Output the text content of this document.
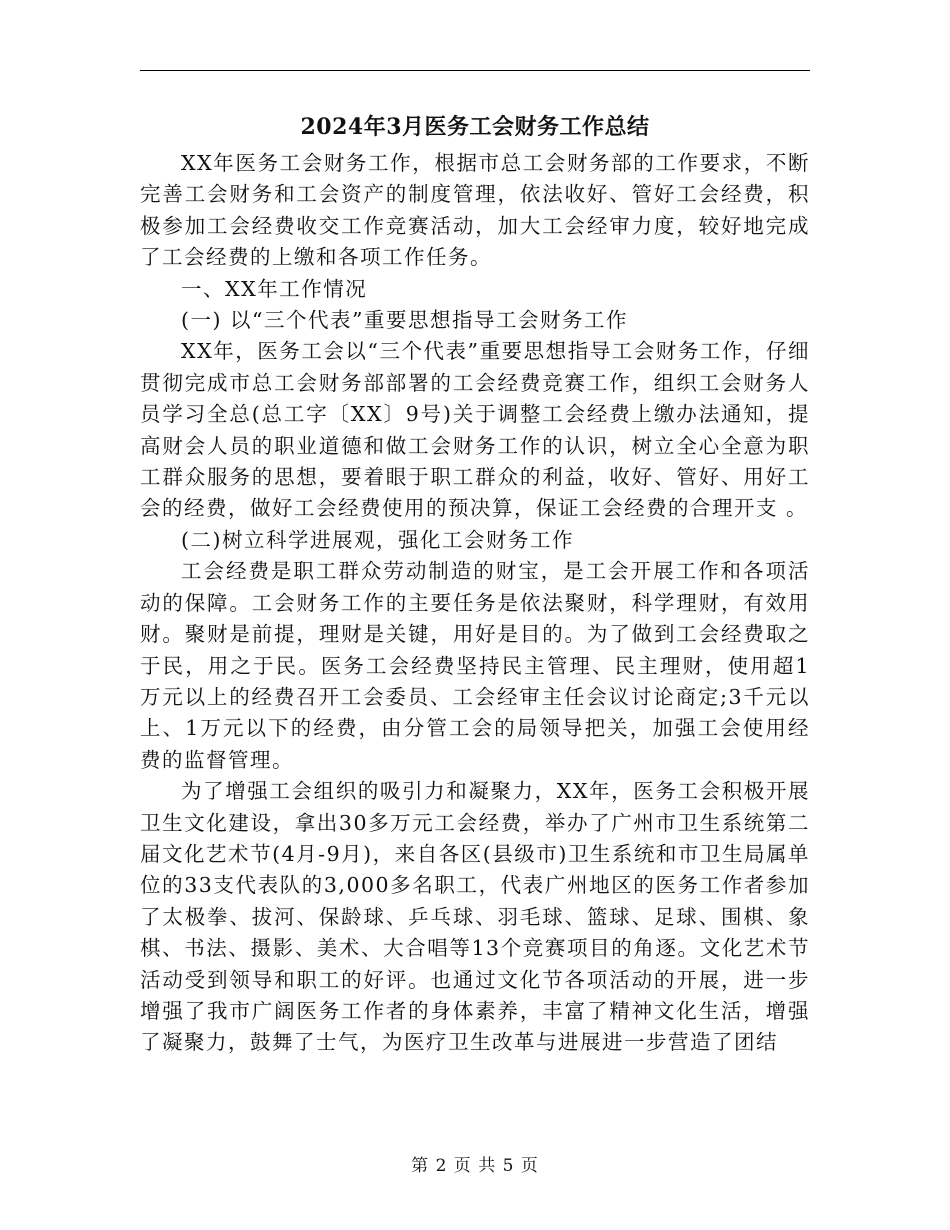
2024年3月医务工会财务工作总结

XX年医务工会财务工作，根据市总工会财务部的工作要求，不断完善工会财务和工会资产的制度管理，依法收好、管好工会经费，积极参加工会经费收交工作竞赛活动，加大工会经审力度，较好地完成了工会经费的上缴和各项工作任务。

一、XX年工作情况

(一) 以“三个代表”重要思想指导工会财务工作

XX年，医务工会以“三个代表”重要思想指导工会财务工作，仔细贯彻完成市总工会财务部部署的工会经费竞赛工作，组织工会财务人员学习全总(总工字〔XX〕9号)关于调整工会经费上缴办法通知，提高财会人员的职业道德和做工会财务工作的认识，树立全心全意为职工群众服务的思想，要着眼于职工群众的利益，收好、管好、用好工会的经费，做好工会经费使用的预决算，保证工会经费的合理开支 。

(二)树立科学进展观，强化工会财务工作

工会经费是职工群众劳动制造的财宝，是工会开展工作和各项活动的保障。工会财务工作的主要任务是依法聚财，科学理财，有效用财。聚财是前提，理财是关键，用好是目的。为了做到工会经费取之于民，用之于民。医务工会经费坚持民主管理、民主理财，使用超1万元以上的经费召开工会委员、工会经审主任会议讨论商定;3千元以上、1万元以下的经费，由分管工会的局领导把关，加强工会使用经费的监督管理。

为了增强工会组织的吸引力和凝聚力，XX年，医务工会积极开展卫生文化建设，拿出30多万元工会经费，举办了广州市卫生系统第二届文化艺术节(4月-9月)，来自各区(县级市)卫生系统和市卫生局属单位的33支代表队的3,000多名职工，代表广州地区的医务工作者参加了太极拳、拔河、保龄球、乒乓球、羽毛球、篮球、足球、围棋、象棋、书法、摄影、美术、大合唱等13个竞赛项目的角逐。文化艺术节活动受到领导和职工的好评。也通过文化节各项活动的开展，进一步增强了我市广阔医务工作者的身体素养，丰富了精神文化生活，增强了凝聚力，鼓舞了士气，为医疗卫生改革与进展进一步营造了团结

第 2 页 共 5 页
